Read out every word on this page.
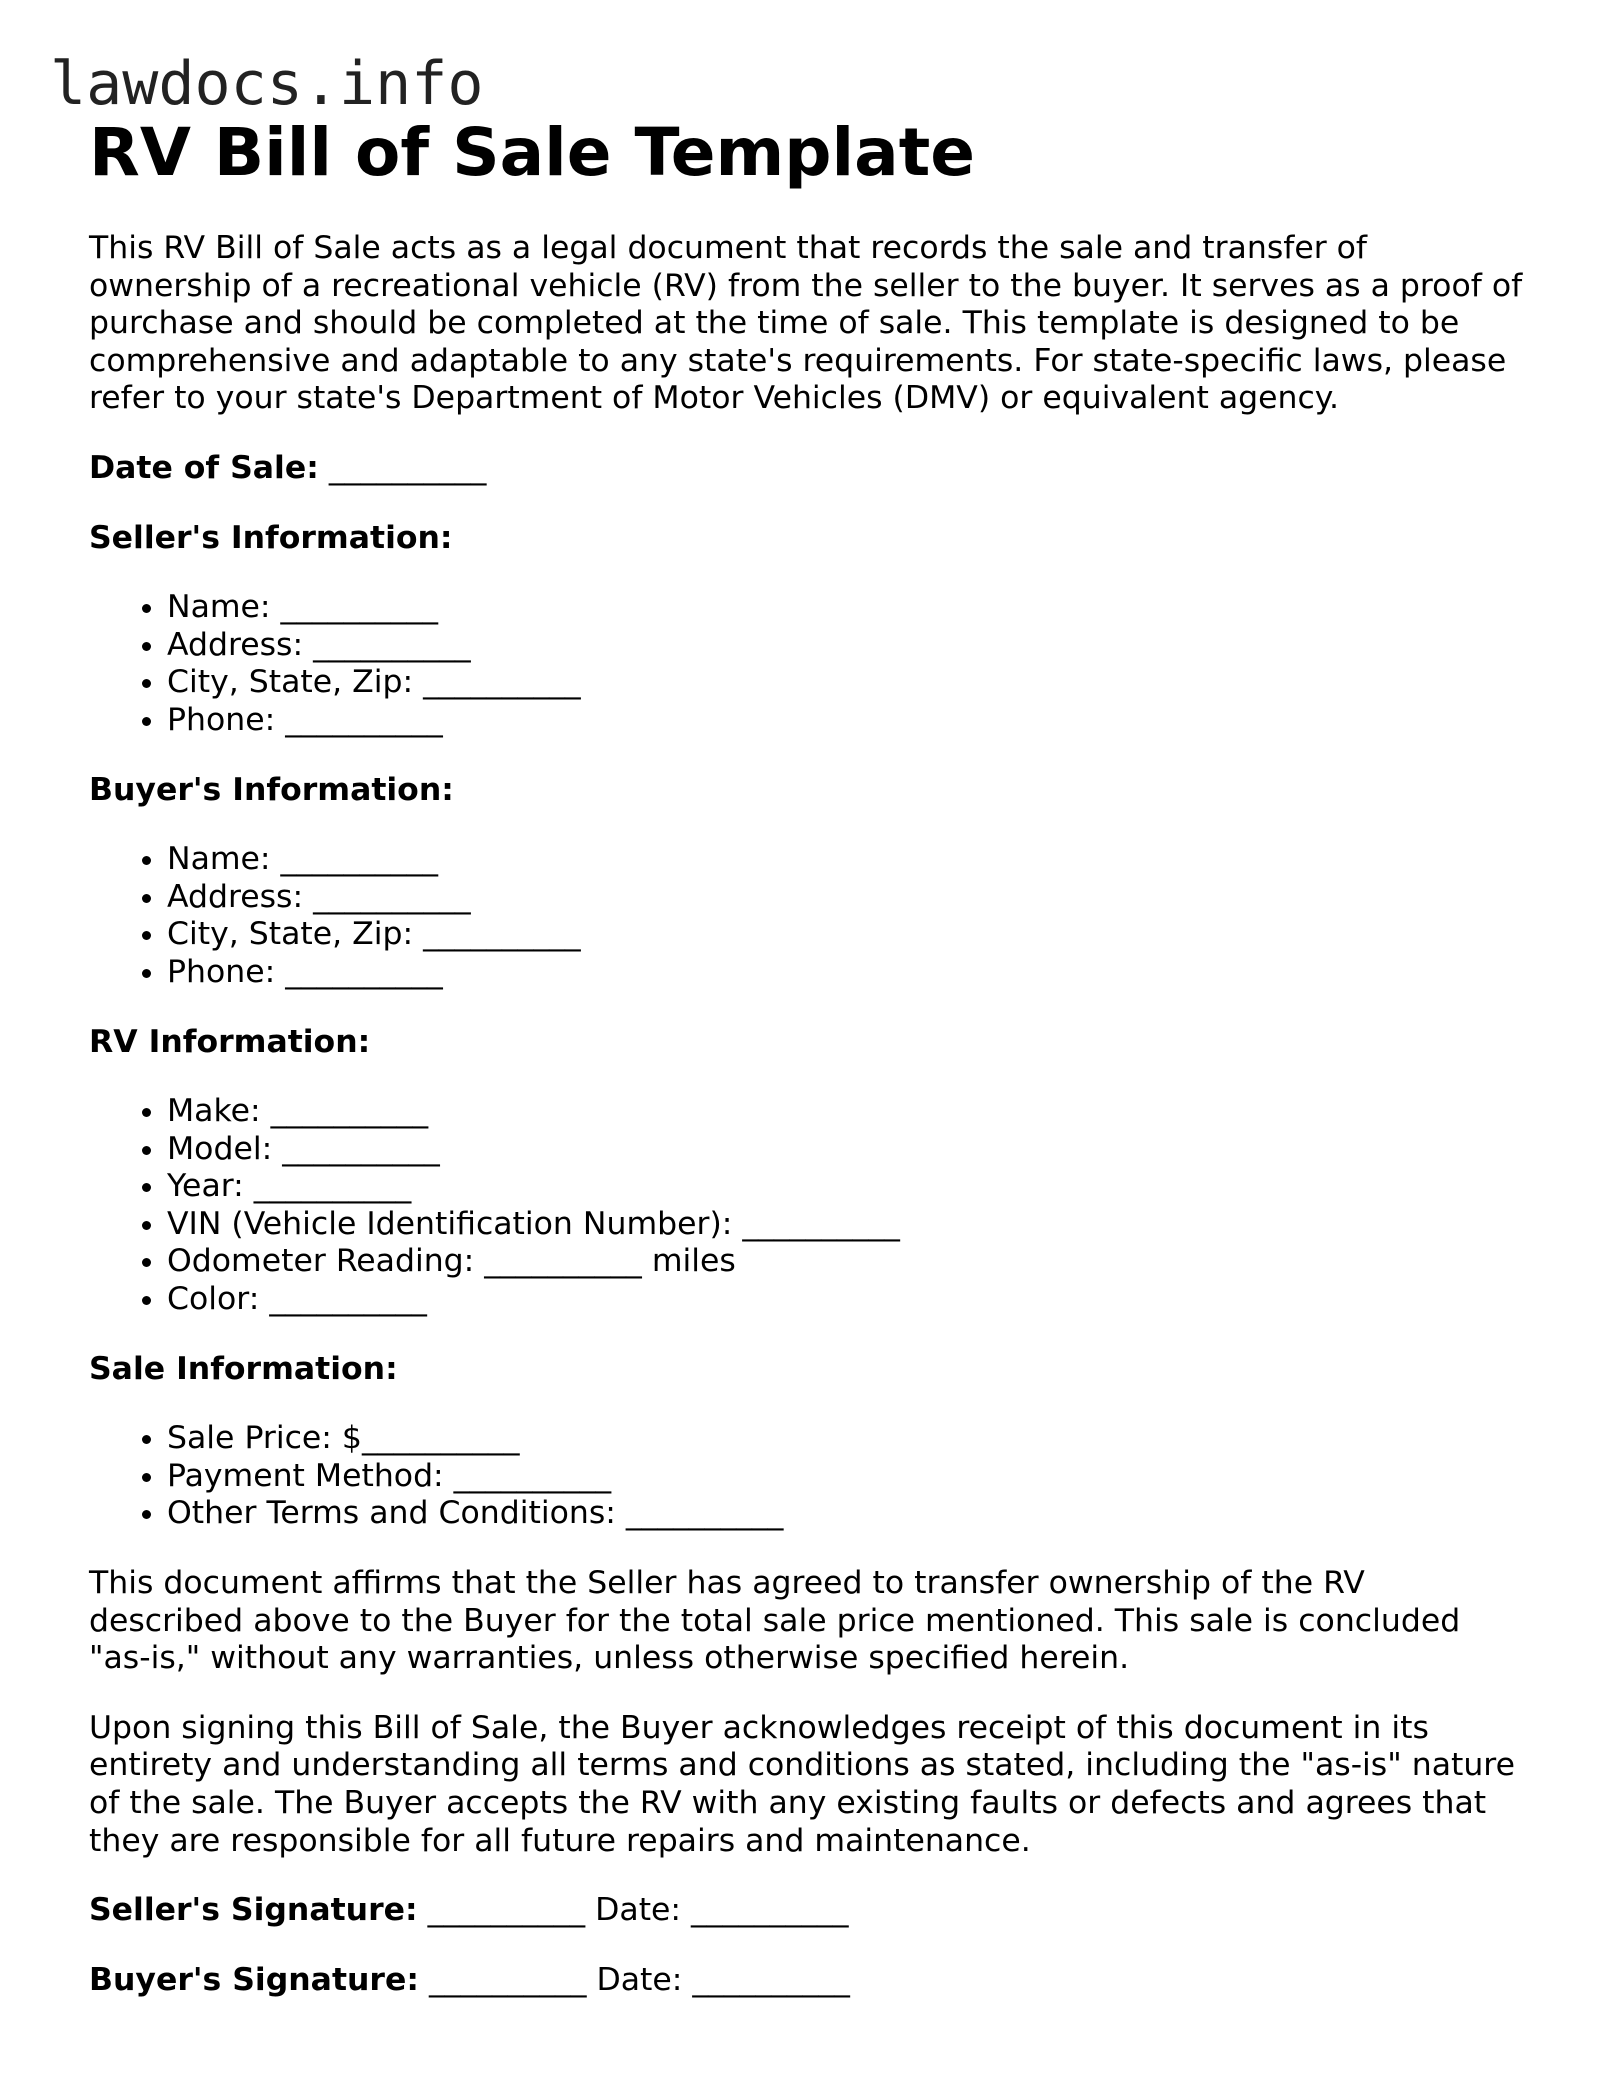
lawdocs.info
RV Bill of Sale Template

This RV Bill of Sale acts as a legal document that records the sale and transfer of ownership of a recreational vehicle (RV) from the seller to the buyer. It serves as a proof of purchase and should be completed at the time of sale. This template is designed to be comprehensive and adaptable to any state's requirements. For state-specific laws, please refer to your state's Department of Motor Vehicles (DMV) or equivalent agency.

Date of Sale: __________

Seller's Information:

• Name: __________
• Address: __________
• City, State, Zip: __________
• Phone: __________

Buyer's Information:

• Name: __________
• Address: __________
• City, State, Zip: __________
• Phone: __________

RV Information:

• Make: __________
• Model: __________
• Year: __________
• VIN (Vehicle Identification Number): __________
• Odometer Reading: __________ miles
• Color: __________

Sale Information:

• Sale Price: $__________
• Payment Method: __________
• Other Terms and Conditions: __________

This document affirms that the Seller has agreed to transfer ownership of the RV described above to the Buyer for the total sale price mentioned. This sale is concluded "as-is," without any warranties, unless otherwise specified herein.

Upon signing this Bill of Sale, the Buyer acknowledges receipt of this document in its entirety and understanding all terms and conditions as stated, including the "as-is" nature of the sale. The Buyer accepts the RV with any existing faults or defects and agrees that they are responsible for all future repairs and maintenance.

Seller's Signature: __________ Date: __________

Buyer's Signature: __________ Date: __________
